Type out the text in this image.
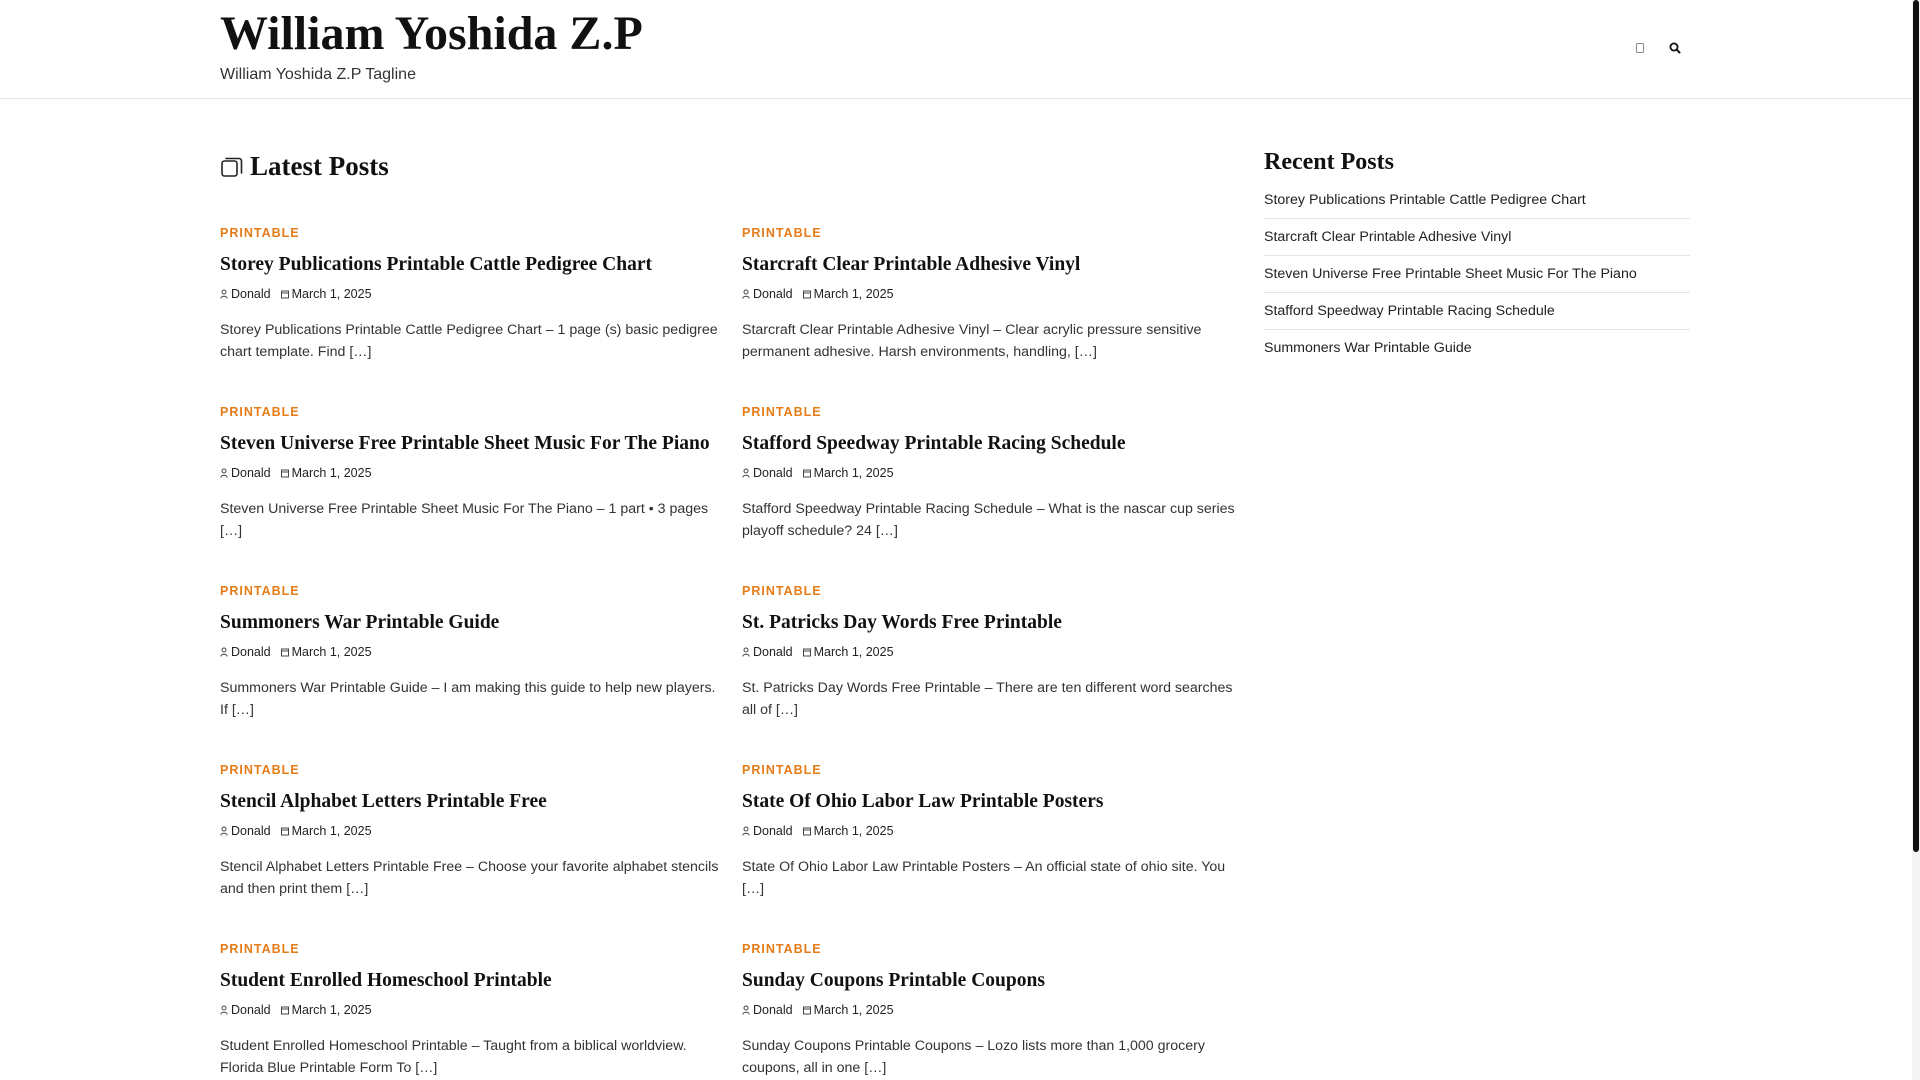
William Yoshida Z.P
William Yoshida Z.P Tagline
Latest Posts
PRINTABLE
Storey Publications Printable Cattle Pedigree Chart
Donald March 1, 2025
Storey Publications Printable Cattle Pedigree Chart – 1 page (s) basic pedigree chart template. Find […]
PRINTABLE
Starcraft Clear Printable Adhesive Vinyl
Donald March 1, 2025
Starcraft Clear Printable Adhesive Vinyl – Clear acrylic pressure sensitive permanent adhesive. Harsh environments, handling, […]
PRINTABLE
Steven Universe Free Printable Sheet Music For The Piano
Donald March 1, 2025
Steven Universe Free Printable Sheet Music For The Piano – 1 part • 3 pages […]
PRINTABLE
Stafford Speedway Printable Racing Schedule
Donald March 1, 2025
Stafford Speedway Printable Racing Schedule – What is the nascar cup series playoff schedule? 24 […]
PRINTABLE
Summoners War Printable Guide
Donald March 1, 2025
Summoners War Printable Guide – I am making this guide to help new players. If […]
PRINTABLE
St. Patricks Day Words Free Printable
Donald March 1, 2025
St. Patricks Day Words Free Printable – There are ten different word searches all of […]
PRINTABLE
Stencil Alphabet Letters Printable Free
Donald March 1, 2025
Stencil Alphabet Letters Printable Free – Choose your favorite alphabet stencils and then print them […]
PRINTABLE
State Of Ohio Labor Law Printable Posters
Donald March 1, 2025
State Of Ohio Labor Law Printable Posters – An official state of ohio site. You […]
PRINTABLE
Student Enrolled Homeschool Printable
Donald March 1, 2025
Student Enrolled Homeschool Printable – Taught from a biblical worldview. Florida Blue Printable Form To […]
PRINTABLE
Sunday Coupons Printable Coupons
Donald March 1, 2025
Sunday Coupons Printable Coupons – Lozo lists more than 1,000 grocery coupons, all in one […]
Recent Posts
Storey Publications Printable Cattle Pedigree Chart
Starcraft Clear Printable Adhesive Vinyl
Steven Universe Free Printable Sheet Music For The Piano
Stafford Speedway Printable Racing Schedule
Summoners War Printable Guide
